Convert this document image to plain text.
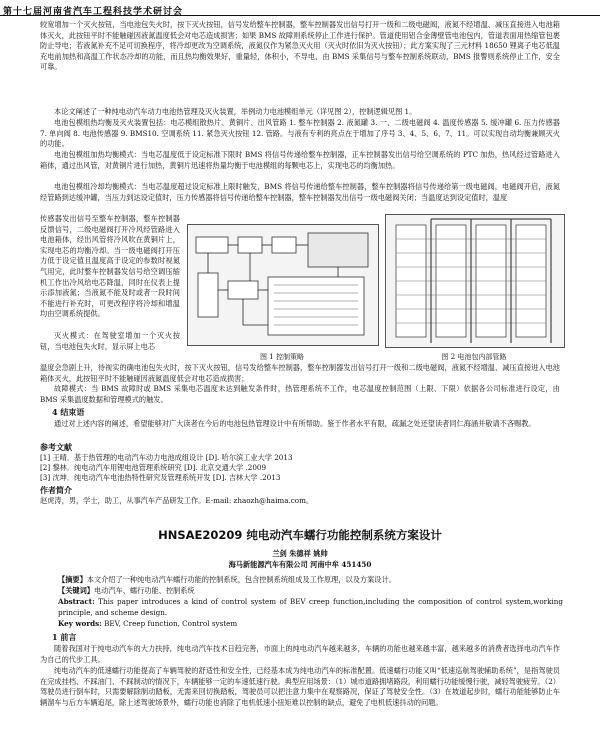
第十七届河南省汽车工程科技学术研讨会

较宽增加一个灭火按钮，当电池包失火时，按下灭火按钮，信号发给整车控制器，整车控制器发出信号打开一级和二级电磁阀，液氮不经增温、减压直接进入电池箱体灭火，此按钮平时不能触碰因液氮温度低会对电芯造成损害；如果 BMS 故障则系统停止工作进行保护。管道使用铝合金薄壁管电池包内，管道表面用热缩管包裹防止导电；若液氮补充不足可切换程序，将冷却更改为空调系统，液氮仅作为紧急灭火用（灭火时依旧为灭火按钮）；此方案实现了三元材料 18650 锂离子电芯低温充电前加热和高温工作状态冷却的功能，而且热均衡效果好，重量轻，体积小，不导电，由 BMS 采集信号与整车控制系统联动，BMS 报警则系统停止工作，安全可靠。

本论文阐述了一种纯电动汽车动力电池热管理及灭火装置，举例动力电池模组单元（详见图 2），控制逻辑见图 1。

电池包模组热均衡及灭火装置包括：电芯模组散热片、黄铜片、出风管路 1. 整车控制器 2. 液氮罐 3. 一、二级电磁阀 4. 温度传感器 5. 缓冲罐 6. 压力传感器 7. 单向阀 8. 电池传感器 9. BMS10. 空调系统 11. 紧急灭火按钮 12. 管路。与液有专利的亮点在于增加了序号 3、4、5、6、7、11。可以实现自动均衡兼顾灭火的功能。

电池包模组加热均衡模式：当电芯温度低于设定标准下限时 BMS 将信号传递给整车控制器，正车控制器发出信号给空调系统的 PTC 加热，热风经过管路进入箱体，通过出风管，对黄铜片进行加热，黄铜片迅速将热量均衡于电池模组的每颗电芯上，实现电芯的均衡加热。

电池包模组冷却均衡模式：当电芯温度超过设定标准上限时触发，BMS 将信号传递给整车控制器，整车控制器将信号传递给第一级电磁阀，电磁阀开启，液氮经管路到达缓冲罐，当压力到达设定值时，压力传感器将信号传递给整车控制器，整车控制器发出信号一级电磁阀关闭；当温度达到设定值时，温度

传感器发出信号至整车控制器，整车控制器反馈信号，二级电磁阀打开冷风经管路进入电池箱体，经出风管将冷风吹在黄铜片上，实现电芯的均衡冷却。当一级电磁阀打开压力低于设定值且温度高于设定的参数时视氮气用完，此时整车控制器发信号给空调压缩机工作出冷风给电芯降温，同时在仪表上提示添加液氮；当液氮不能及时或者一段时间不能进行补充时，可更改程序将冷却和增温均由空调系统提供。

灭火模式：在驾驶室增加一个灭火按钮，当电池包失火时，显示屏上电芯

图 1 控制策略	图 2 电池包内部管路

温度会急剧上升，待视实的确电池包失火时，按下灭火按钮，信号发给整车控制器，整车控制器发出信号打开一级和二级电磁阀，液氮不经增温、减压直接进入电池箱体灭火，此按钮平时不能触碰因液氮温度低会对电芯造成损害；

故障模式：当 BMS 故障时或 BMS 采集电芯温度未达到触发条件时，热管理系统不工作，电芯温度控制范围（上限、下限）依据各公司标准进行设定，由 BMS 采集温度数据和管理模式的触发。

4 结束语

通过对上述内容的阐述，希望能够对广大读者在今后的电池包热管理设计中有所帮助。鉴于作者水平有限，疏漏之处还望读者同仁海涵并敬请不吝赐教。

参考文献
[1] 王晴．基于热管理的电动汽车动力电池成组设计 [D]. 哈尔滨工业大学 2013
[2] 黎林．纯电动汽车用锂电池管理系统研究 [D]. 北京交通大学 .2009
[3] 沈坤．纯电动汽车电池热特性研究及管理系统开发 [D]. 吉林大学 .2013
作者简介
赵虎涛，男，学士，助工，从事汽车产品研发工作。E-mail: zhaozh@haima.com。
HNSAE20209 纯电动汽车蠕行功能控制系统方案设计
兰剑 朱德祥 姚帅
海马新能源汽车有限公司 河南中牟 451450
【摘要】本文介绍了一种纯电动汽车蠕行功能的控制系统，包含控制系统组成及工作原理，以及方案设计。
【关键词】电动汽车、蠕行功能、控制系统
Abstract: This paper introduces a kind of control system of BEV creep function,including the composition of control system,working principle, and scheme design.
Key words: BEV, Creep function, Control system
1 前言

随着我国对于纯电动汽车的大力扶持，纯电动汽车技术日趋完善，市面上的纯电动汽车越来越多，车辆的功能也越来越丰富，越来越多的消费者选择电动汽车作为自己的代步工具。

纯电动汽车的低速蠕行功能提高了车辆驾驶的舒适性和安全性，已经基本成为纯电动汽车的标准配置。低速蠕行功能又叫“低速巡航驾驶辅助系统”，是指驾驶员在完成挂档、不踩油门、不踩制动的情况下，车辆能够一定的车速低速行驶。典型应用场景：（1）城市道路拥堵路段，利用蠕行功能缓慢行驶，减轻驾驶疲劳。（2）驾驶员进行倒车时，只需要解除制动踏板，无需来回切换踏板，驾驶员可以把注意力集中在观察路况，保证了驾驶安全性。（3）在坡道起步时，蠕行功能能够防止车辆溜车与后方车辆追尾，除上述驾驶场景外，蠕行功能也消除了电机低速小扭矩难以控制的缺点，避免了电机低速抖动的问题。
